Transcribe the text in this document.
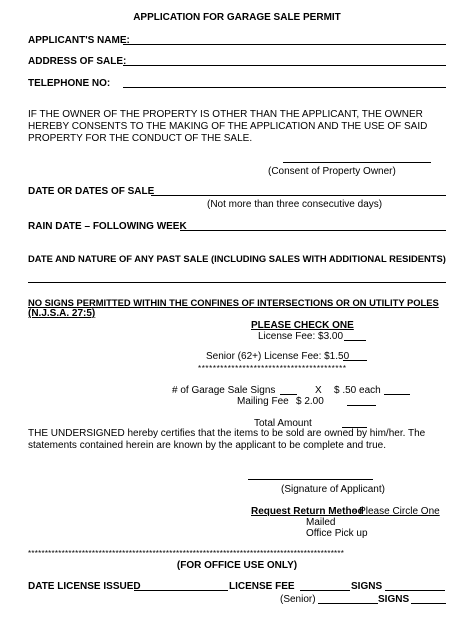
APPLICATION FOR GARAGE SALE PERMIT
APPLICANT'S NAME:
ADDRESS OF SALE:
TELEPHONE NO:
IF THE OWNER OF THE PROPERTY IS OTHER THAN THE APPLICANT, THE OWNER HEREBY CONSENTS TO THE MAKING OF THE APPLICATION AND THE USE OF SAID PROPERTY FOR THE CONDUCT OF THE SALE.
(Consent of Property Owner)
DATE OR DATES OF SALE
(Not more than three consecutive days)
RAIN DATE – FOLLOWING WEEK
DATE AND NATURE OF ANY PAST SALE (INCLUDING SALES WITH ADDITIONAL RESIDENTS)
NO SIGNS PERMITTED WITHIN THE CONFINES OF INTERSECTIONS OR ON UTILITY POLES
(N.J.S.A. 27:5)
PLEASE CHECK ONE
License Fee: $3.00
Senior (62+) License Fee: $1.50
****************************************
# of Garage Sale Signs	X $ .50 each
Mailing Fee $ 2.00
Total Amount
THE UNDERSIGNED hereby certifies that the items to be sold are owned by him/her. The statements contained herein are known by the applicant to be complete and true.
(Signature of Applicant)
Request Return Method
- Please Circle One
Mailed
Office Pick up
**********************************************************************************************
(FOR OFFICE USE ONLY)
DATE LICENSE ISSUED	LICENSE FEE	SIGNS
(Senior)	SIGNS
